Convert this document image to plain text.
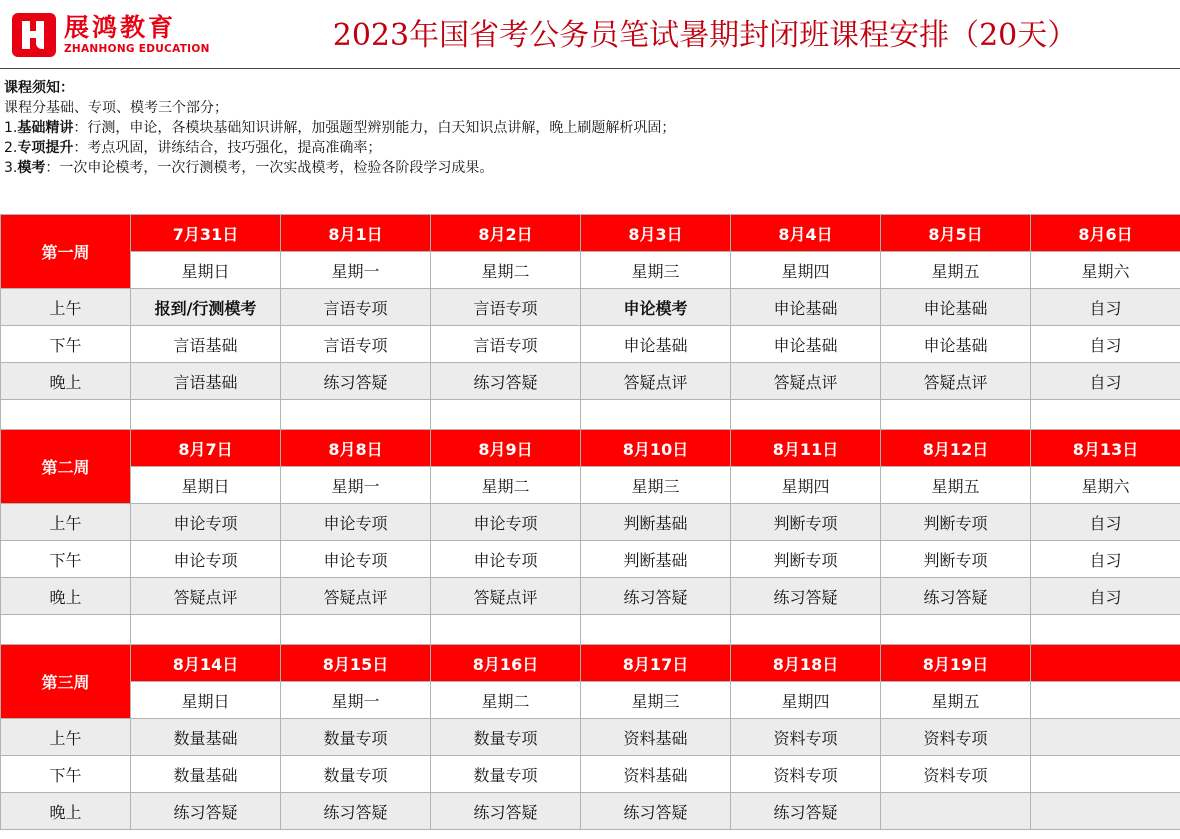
展鸿教育
ZHANHONG EDUCATION	2023年国省考公务员笔试暑期封闭班课程安排（20天）
课程须知：
课程分基础、专项、模考三个部分；
1.基础精讲：行测，申论，各模块基础知识讲解，加强题型辨别能力，白天知识点讲解，晚上刷题解析巩固；
2.专项提升：考点巩固，讲练结合，技巧强化，提高准确率；
3.模考：一次申论模考，一次行测模考，一次实战模考，检验各阶段学习成果。
第一周	7月31日	8月1日	8月2日	8月3日	8月4日	8月5日	8月6日
	星期日	星期一	星期二	星期三	星期四	星期五	星期六
上午	报到/行测模考	言语专项	言语专项	申论模考	申论基础	申论基础	自习
下午	言语基础	言语专项	言语专项	申论基础	申论基础	申论基础	自习
晚上	言语基础	练习答疑	练习答疑	答疑点评	答疑点评	答疑点评	自习

第二周	8月7日	8月8日	8月9日	8月10日	8月11日	8月12日	8月13日
	星期日	星期一	星期二	星期三	星期四	星期五	星期六
上午	申论专项	申论专项	申论专项	判断基础	判断专项	判断专项	自习
下午	申论专项	申论专项	申论专项	判断基础	判断专项	判断专项	自习
晚上	答疑点评	答疑点评	答疑点评	练习答疑	练习答疑	练习答疑	自习

第三周	8月14日	8月15日	8月16日	8月17日	8月18日	8月19日	
	星期日	星期一	星期二	星期三	星期四	星期五	
上午	数量基础	数量专项	数量专项	资料基础	资料专项	资料专项	
下午	数量基础	数量专项	数量专项	资料基础	资料专项	资料专项	
晚上	练习答疑	练习答疑	练习答疑	练习答疑	练习答疑		
